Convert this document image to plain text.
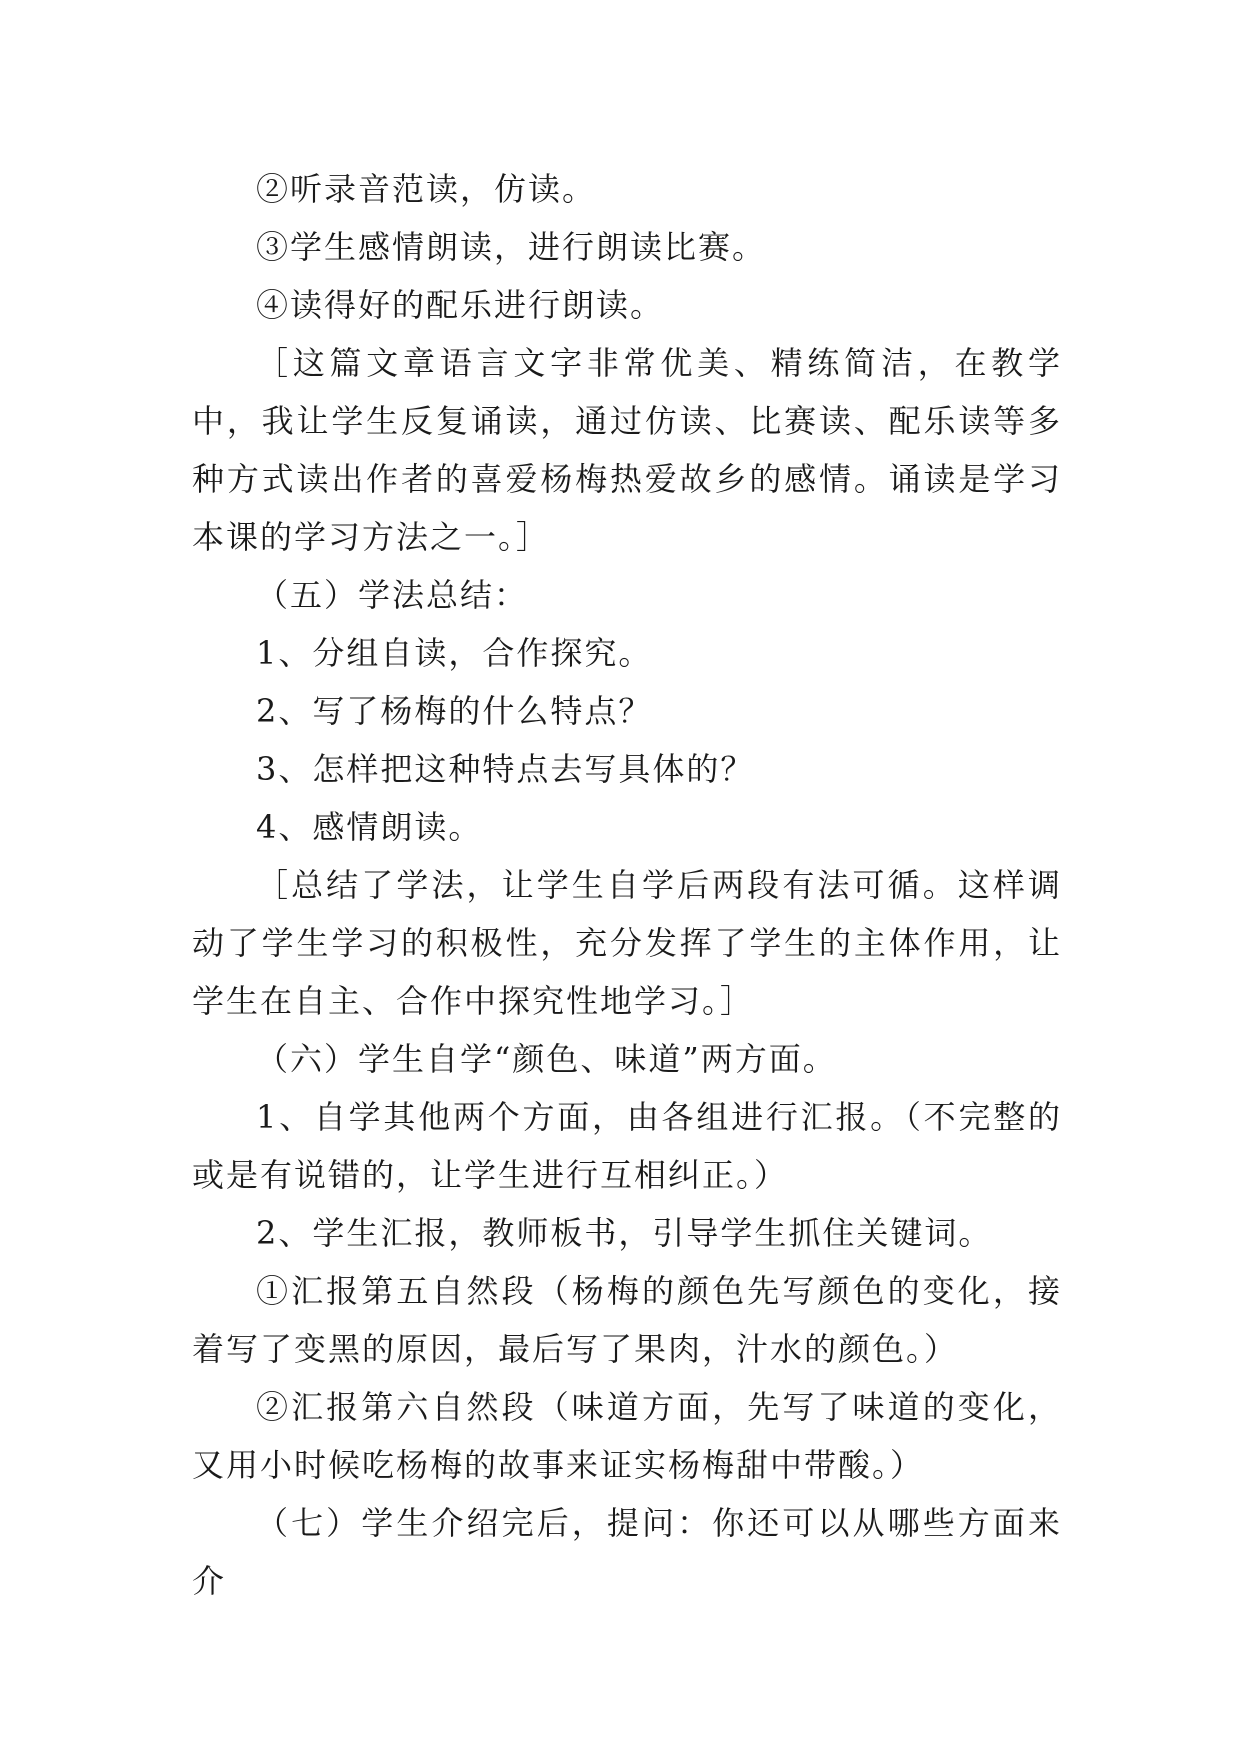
②听录音范读，仿读。

③学生感情朗读，进行朗读比赛。

④读得好的配乐进行朗读。

［这篇文章语言文字非常优美、精练简洁，在教学中，我让学生反复诵读，通过仿读、比赛读、配乐读等多种方式读出作者的喜爱杨梅热爱故乡的感情。诵读是学习本课的学习方法之一。］

（五）学法总结：

1、分组自读，合作探究。

2、写了杨梅的什么特点？

3、怎样把这种特点去写具体的？

4、感情朗读。

［总结了学法，让学生自学后两段有法可循。这样调动了学生学习的积极性，充分发挥了学生的主体作用，让学生在自主、合作中探究性地学习。］

（六）学生自学“颜色、味道”两方面。

1、自学其他两个方面，由各组进行汇报。（不完整的或是有说错的，让学生进行互相纠正。）

2、学生汇报，教师板书，引导学生抓住关键词。

①汇报第五自然段（杨梅的颜色先写颜色的变化，接着写了变黑的原因，最后写了果肉，汁水的颜色。）

②汇报第六自然段（味道方面，先写了味道的变化，又用小时候吃杨梅的故事来证实杨梅甜中带酸。）

（七）学生介绍完后，提问：你还可以从哪些方面来介
